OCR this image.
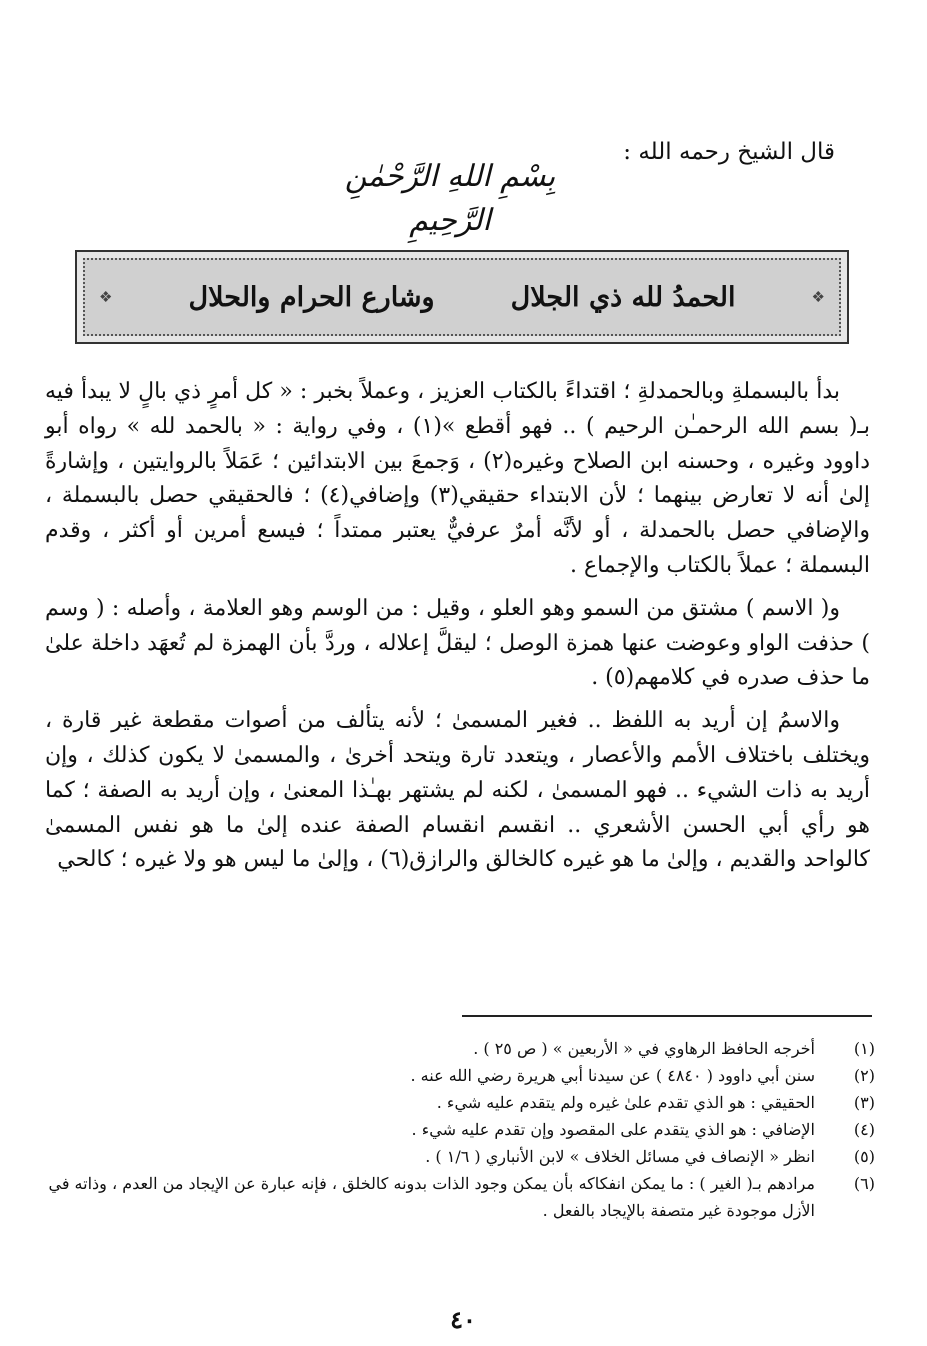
قال الشيخ رحمه الله :
بِسْمِ اللهِ الرَّحْمٰنِ الرَّحِيمِ
❖
الحمدُ لله ذي الجلال
وشارع الحرام والحلال
❖

بدأ بالبسملةِ وبالحمدلةِ ؛ اقتداءً بالكتاب العزيز ، وعملاً بخبر : « كل أمرٍ ذي بالٍ لا يبدأ فيه بـ( بسم الله الرحمـٰن الرحيم ) .. فهو أقطع »(١) ، وفي رواية : « بالحمد لله » رواه أبو داوود وغيره ، وحسنه ابن الصلاح وغيره(٢) ، وَجمعَ بين الابتدائين ؛ عَمَلاً بالروايتين ، وإشارةً إلىٰ أنه لا تعارض بينهما ؛ لأن الابتداء حقيقي(٣) وإضافي(٤) ؛ فالحقيقي حصل بالبسملة ، والإضافي حصل بالحمدلة ، أو لأنَّه أمرٌ عرفيٌّ يعتبر ممتداً ؛ فيسع أمرين أو أكثر ، وقدم البسملة ؛ عملاً بالكتاب والإجماع .

و( الاسم ) مشتق من السمو وهو العلو ، وقيل : من الوسم وهو العلامة ، وأصله : ( وسم ) حذفت الواو وعوضت عنها همزة الوصل ؛ ليقلَّ إعلاله ، وردَّ بأن الهمزة لم تُعهَد داخلة علىٰ ما حذف صدره في كلامهم(٥) .

والاسمُ إن أريد به اللفظ .. فغير المسمىٰ ؛ لأنه يتألف من أصوات مقطعة غير قارة ، ويختلف باختلاف الأمم والأعصار ، ويتعدد تارة ويتحد أخرىٰ ، والمسمىٰ لا يكون كذلك ، وإن أريد به ذات الشيء .. فهو المسمىٰ ، لكنه لم يشتهر بهـٰذا المعنىٰ ، وإن أريد به الصفة ؛ كما هو رأي أبي الحسن الأشعري .. انقسم انقسام الصفة عنده إلىٰ ما هو نفس المسمىٰ كالواحد والقديم ، وإلىٰ ما هو غيره كالخالق والرازق(٦) ، وإلىٰ ما ليس هو ولا غيره ؛ كالحي

(١)
أخرجه الحافظ الرهاوي في « الأربعين » ( ص ٢٥ ) .
(٢)
سنن أبي داوود ( ٤٨٤٠ ) عن سيدنا أبي هريرة رضي الله عنه .
(٣)
الحقيقي : هو الذي تقدم علىٰ غيره ولم يتقدم عليه شيء .
(٤)
الإضافي : هو الذي يتقدم على المقصود وإن تقدم عليه شيء .
(٥)
انظر « الإنصاف في مسائل الخلاف » لابن الأنباري ( ١/٦ ) .
(٦)
مرادهم بـ( الغير ) : ما يمكن انفكاكه بأن يمكن وجود الذات بدونه كالخلق ، فإنه عبارة عن الإيجاد من العدم ، وذاته في الأزل موجودة غير متصفة بالإيجاد بالفعل .
٤٠
